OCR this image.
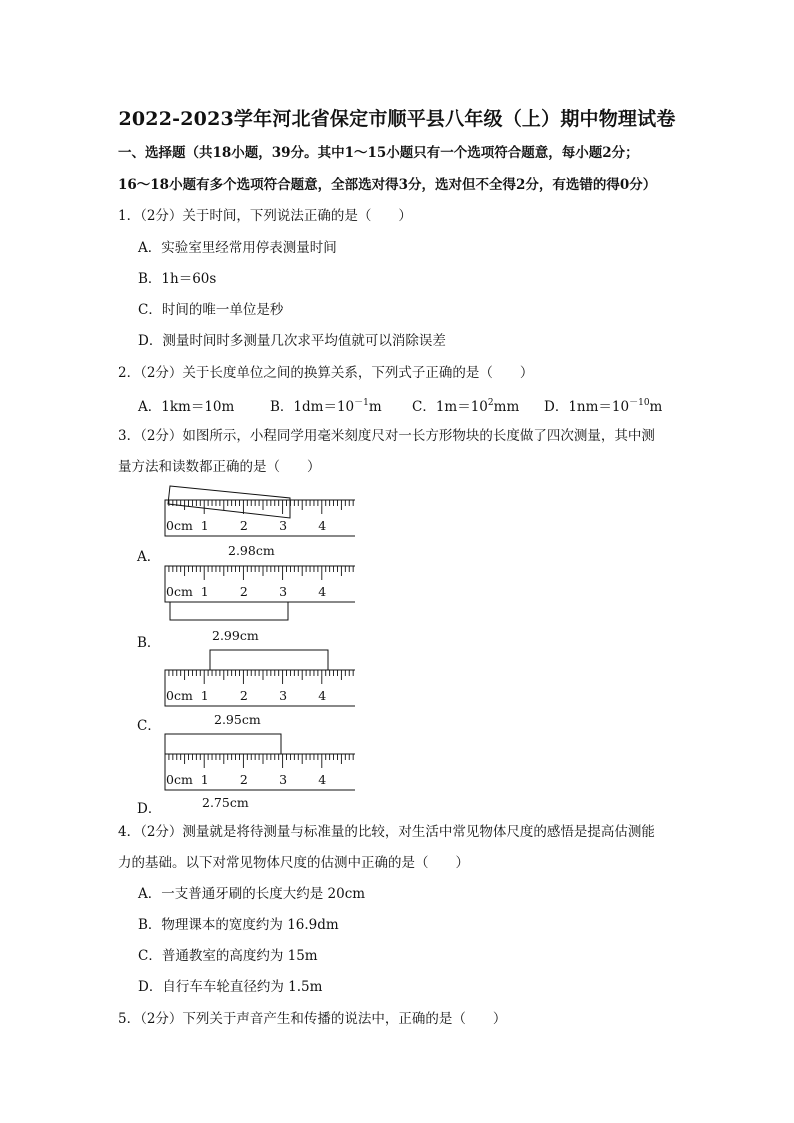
2022-2023学年河北省保定市顺平县八年级（上）期中物理试卷
一、选择题（共18小题，39分。其中1～15小题只有一个选项符合题意，每小题2分；
16～18小题有多个选项符合题意，全部选对得3分，选对但不全得2分，有选错的得0分）
1．（2分）关于时间，下列说法正确的是（　　）
A．实验室里经常用停表测量时间
B．1h＝60s
C．时间的唯一单位是秒
D．测量时间时多测量几次求平均值就可以消除误差
2．（2分）关于长度单位之间的换算关系，下列式子正确的是（　　）
A．1km＝10m	B．$1dm=10^{-1}m$ C．$1m=10^2mm$ D．$1nm=10^{-10}m$
3．（2分）如图所示，小程同学用毫米刻度尺对一长方形物块的长度做了四次测量，其中测
量方法和读数都正确的是（　　）
0cm 1 2 3 4
A．	2.98cm
0cm 1 2 3 4
B．	2.99cm
0cm 1 2 3 4
C．	2.95cm
0cm 1 2 3 4
D．	2.75cm
4．（2分）测量就是将待测量与标准量的比较，对生活中常见物体尺度的感悟是提高估测能
力的基础。以下对常见物体尺度的估测中正确的是（　　）
A．一支普通牙刷的长度大约是 20cm
B．物理课本的宽度约为 16.9dm
C．普通教室的高度约为 15m
D．自行车车轮直径约为 1.5m
5．（2分）下列关于声音产生和传播的说法中，正确的是（　　）
